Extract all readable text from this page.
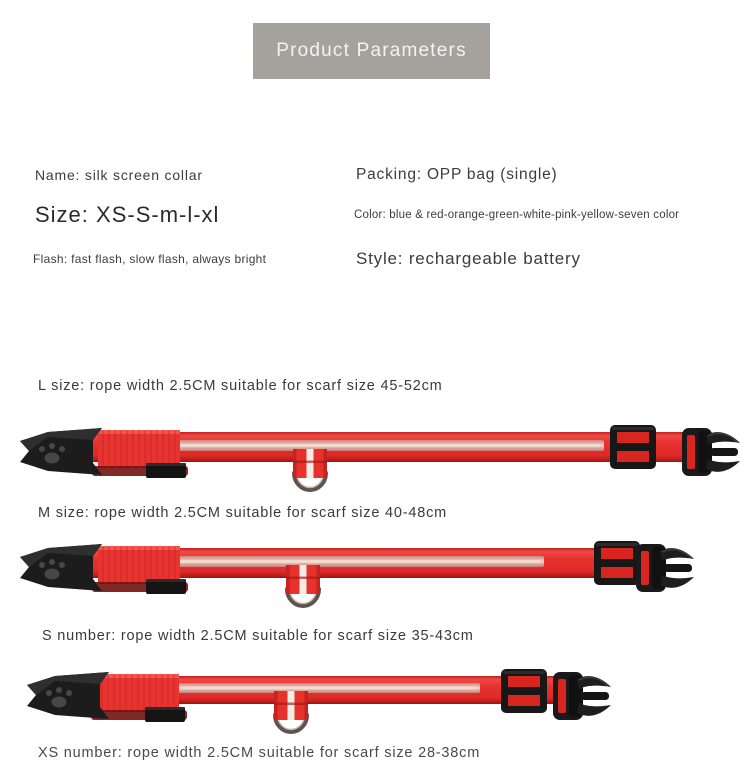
Product Parameters
Name: silk screen collar
Size: XS-S-m-l-xl
Flash: fast flash, slow flash, always bright
Packing: OPP bag (single)
Color: blue & red-orange-green-white-pink-yellow-seven color
Style: rechargeable battery
L size: rope width 2.5CM suitable for scarf size 45-52cm
M size: rope width 2.5CM suitable for scarf size 40-48cm
S number: rope width 2.5CM suitable for scarf size 35-43cm
XS number: rope width 2.5CM suitable for scarf size 28-38cm
